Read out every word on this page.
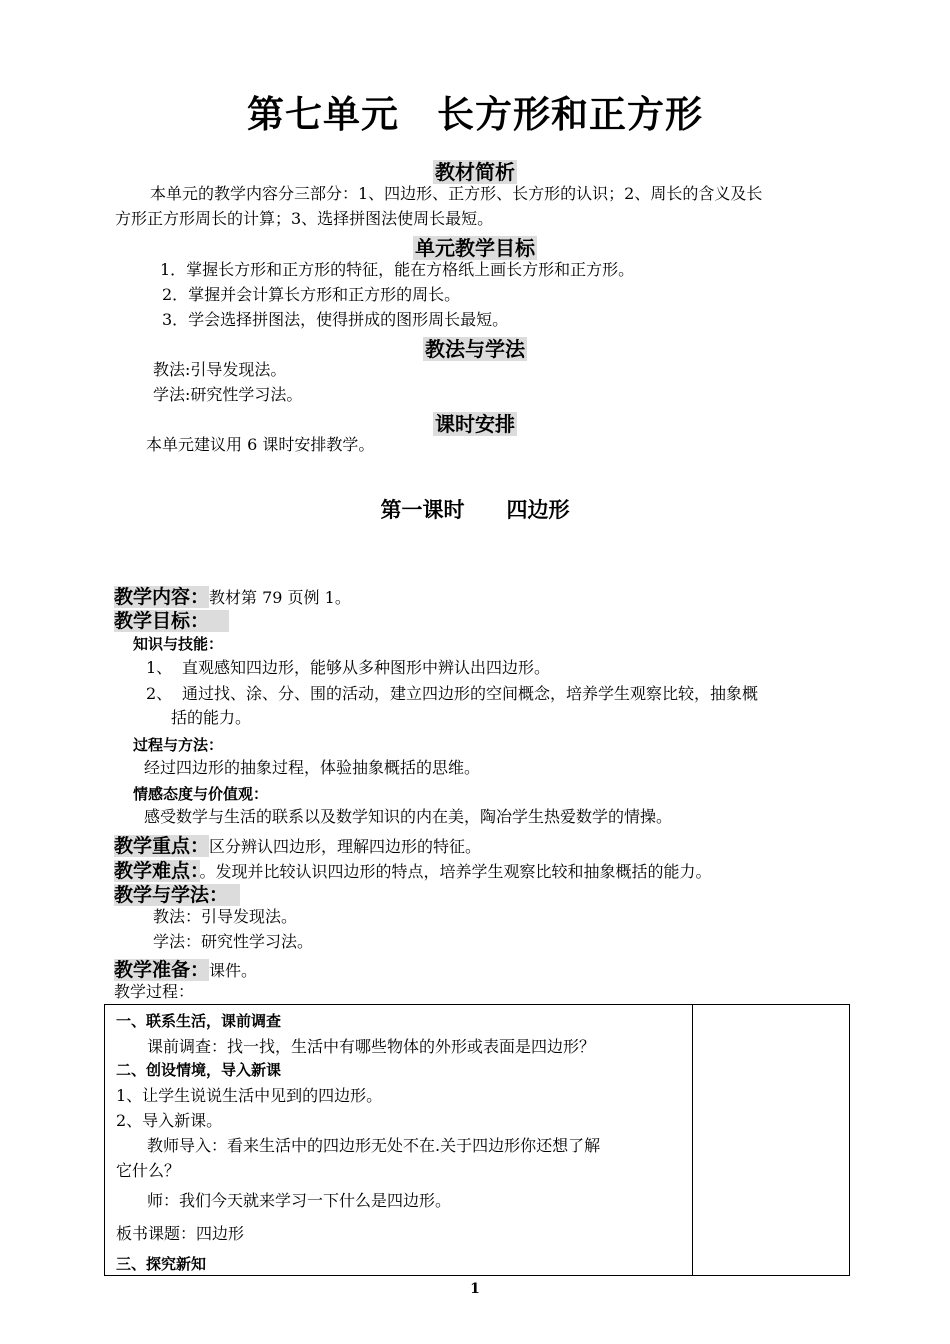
第七单元　长方形和正方形
教材简析
本单元的教学内容分三部分：1、四边形、正方形、长方形的认识；2、周长的含义及长
方形正方形周长的计算；3、选择拼图法使周长最短。
单元教学目标
1．掌握长方形和正方形的特征，能在方格纸上画长方形和正方形。
2．掌握并会计算长方形和正方形的周长。
3．学会选择拼图法，使得拼成的图形周长最短。
教法与学法
教法:引导发现法。
学法:研究性学习法。
课时安排
本单元建议用 6 课时安排教学。
第一课时　　四边形
教学内容：教材第 79 页例 1。
教学目标：
知识与技能：
1、 直观感知四边形，能够从多种图形中辨认出四边形。
2、 通过找、涂、分、围的活动，建立四边形的空间概念，培养学生观察比较，抽象概
括的能力。
过程与方法：
经过四边形的抽象过程，体验抽象概括的思维。
情感态度与价值观：
感受数学与生活的联系以及数学知识的内在美，陶冶学生热爱数学的情操。
教学重点：区分辨认四边形，理解四边形的特征。
教学难点：。发现并比较认识四边形的特点，培养学生观察比较和抽象概括的能力。
教学与学法：
教法：引导发现法。
学法：研究性学习法。
教学准备：课件。
教学过程：
一、联系生活，课前调查
课前调查：找一找，生活中有哪些物体的外形或表面是四边形？
二、创设情境，导入新课
1、让学生说说生活中见到的四边形。
2、导入新课。
教师导入：看来生活中的四边形无处不在.关于四边形你还想了解
它什么？
师：我们今天就来学习一下什么是四边形。
板书课题：四边形
三、探究新知
1
